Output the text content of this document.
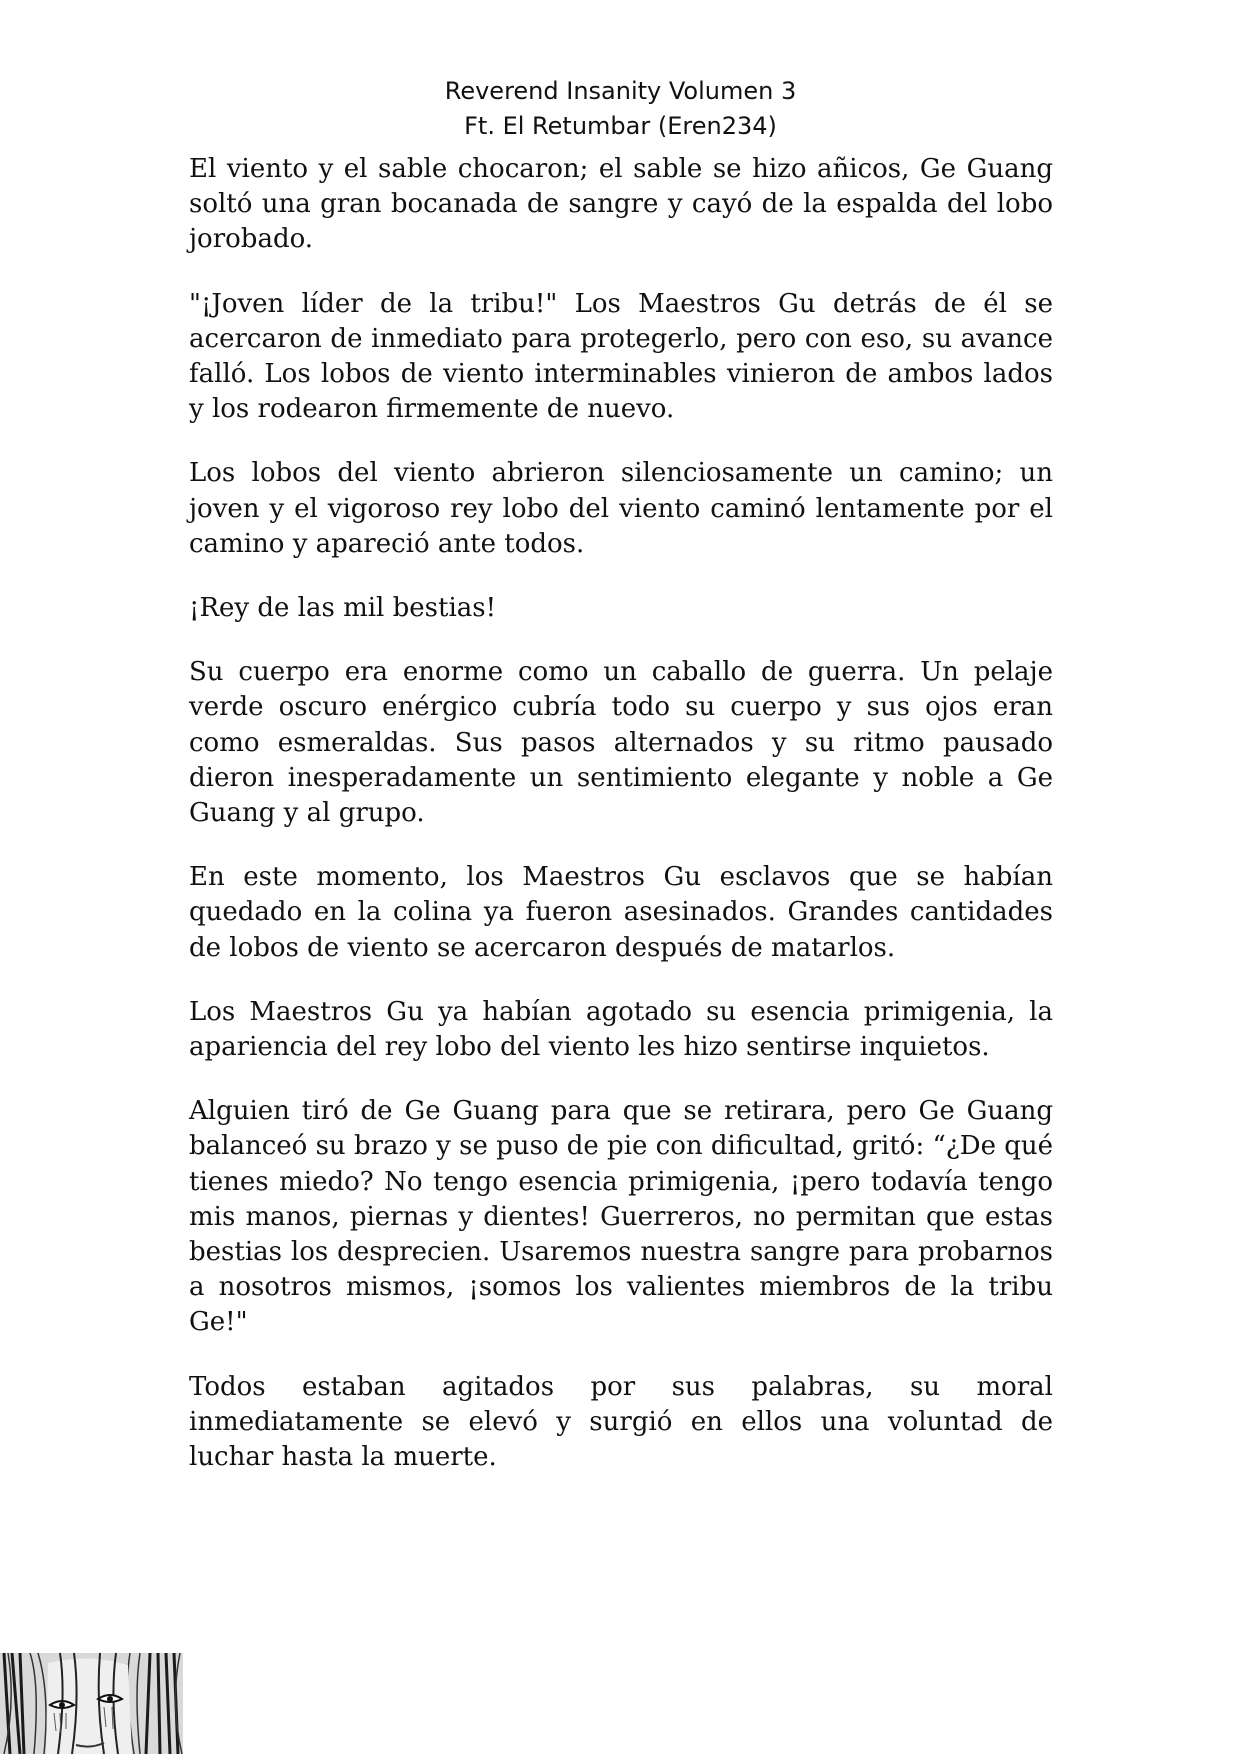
Reverend Insanity Volumen 3
Ft. El Retumbar (Eren234)

El viento y el sable chocaron; el sable se hizo añicos, Ge Guang soltó una gran bocanada de sangre y cayó de la espalda del lobo jorobado.

"¡Joven líder de la tribu!" Los Maestros Gu detrás de él se acercaron de inmediato para protegerlo, pero con eso, su avance falló. Los lobos de viento interminables vinieron de ambos lados y los rodearon firmemente de nuevo.

Los lobos del viento abrieron silenciosamente un camino; un joven y el vigoroso rey lobo del viento caminó lentamente por el camino y apareció ante todos.

¡Rey de las mil bestias!

Su cuerpo era enorme como un caballo de guerra. Un pelaje verde oscuro enérgico cubría todo su cuerpo y sus ojos eran como esmeraldas. Sus pasos alternados y su ritmo pausado dieron inesperadamente un sentimiento elegante y noble a Ge Guang y al grupo.

En este momento, los Maestros Gu esclavos que se habían quedado en la colina ya fueron asesinados. Grandes cantidades de lobos de viento se acercaron después de matarlos.

Los Maestros Gu ya habían agotado su esencia primigenia, la apariencia del rey lobo del viento les hizo sentirse inquietos.

Alguien tiró de Ge Guang para que se retirara, pero Ge Guang balanceó su brazo y se puso de pie con dificultad, gritó: “¿De qué tienes miedo? No tengo esencia primigenia, ¡pero todavía tengo mis manos, piernas y dientes! Guerreros, no permitan que estas bestias los desprecien. Usaremos nuestra sangre para probarnos a nosotros mismos, ¡somos los valientes miembros de la tribu Ge!"

Todos estaban agitados por sus palabras, su moral inmediatamente se elevó y surgió en ellos una voluntad de luchar hasta la muerte.
